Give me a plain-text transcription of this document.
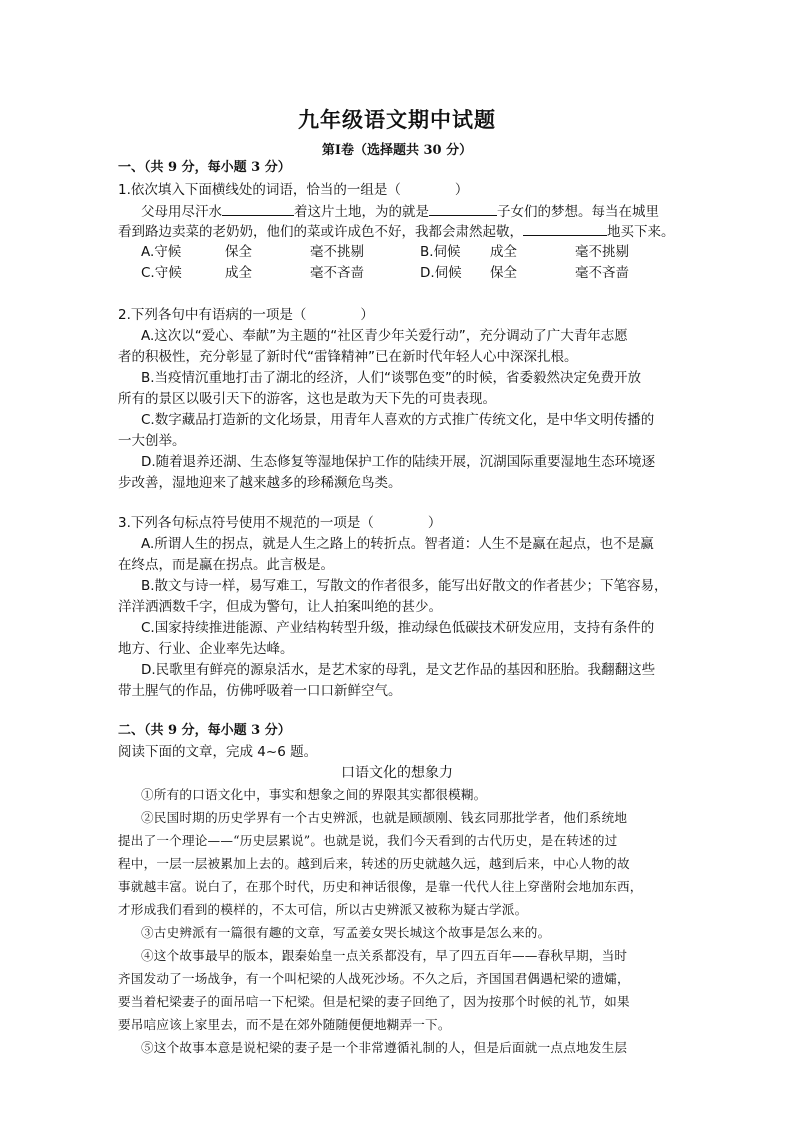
九年级语文期中试题
第Ⅰ卷（选择题共 30 分）
一、（共 9 分，每小题 3 分）
1.依次填入下面横线处的词语，恰当的一组是（　　　　）
父母用尽汗水	着这片土地，为的就是	子女们的梦想。每当在城里
看到路边卖菜的老奶奶，他们的菜或许成色不好，我都会肃然起敬，	地买下来。
A.守候	保全	毫不挑剔	B.伺候 成全	毫不挑剔
C.守候	成全	毫不吝啬	D.伺候 保全	毫不吝啬
2.下列各句中有语病的一项是（　　　　）
A.这次以“爱心、奉献”为主题的“社区青少年关爱行动”，充分调动了广大青年志愿
者的积极性，充分彰显了新时代“雷锋精神”已在新时代年轻人心中深深扎根。
B.当疫情沉重地打击了湖北的经济，人们“谈鄂色变”的时候，省委毅然决定免费开放
所有的景区以吸引天下的游客，这也是敢为天下先的可贵表现。
C.数字藏品打造新的文化场景，用青年人喜欢的方式推广传统文化，是中华文明传播的
一大创举。
D.随着退养还湖、生态修复等湿地保护工作的陆续开展，沉湖国际重要湿地生态环境逐
步改善，湿地迎来了越来越多的珍稀濒危鸟类。
3.下列各句标点符号使用不规范的一项是（　　　　）
A.所谓人生的拐点，就是人生之路上的转折点。智者道：人生不是赢在起点，也不是赢
在终点，而是赢在拐点。此言极是。
B.散文与诗一样，易写难工，写散文的作者很多，能写出好散文的作者甚少；下笔容易，
洋洋洒洒数千字，但成为警句，让人拍案叫绝的甚少。
C.国家持续推进能源、产业结构转型升级，推动绿色低碳技术研发应用，支持有条件的
地方、行业、企业率先达峰。
D.民歌里有鲜亮的源泉活水，是艺术家的母乳，是文艺作品的基因和胚胎。我翻翻这些
带土腥气的作品，仿佛呼吸着一口口新鲜空气。
二、（共 9 分，每小题 3 分）
阅读下面的文章，完成 4~6 题。
口语文化的想象力
①所有的口语文化中，事实和想象之间的界限其实都很模糊。
②民国时期的历史学界有一个古史辨派，也就是顾颉刚、钱玄同那批学者，他们系统地
提出了一个理论——“历史层累说”。也就是说，我们今天看到的古代历史，是在转述的过
程中，一层一层被累加上去的。越到后来，转述的历史就越久远，越到后来，中心人物的故
事就越丰富。说白了，在那个时代，历史和神话很像，是靠一代代人往上穿凿附会地加东西，
才形成我们看到的模样的，不太可信，所以古史辨派又被称为疑古学派。
③古史辨派有一篇很有趣的文章，写孟姜女哭长城这个故事是怎么来的。
④这个故事最早的版本，跟秦始皇一点关系都没有，早了四五百年——春秋早期，当时
齐国发动了一场战争，有一个叫杞梁的人战死沙场。不久之后，齐国国君偶遇杞梁的遗孀，
要当着杞梁妻子的面吊唁一下杞梁。但是杞梁的妻子回绝了，因为按那个时候的礼节，如果
要吊唁应该上家里去，而不是在郊外随随便便地糊弄一下。
⑤这个故事本意是说杞梁的妻子是一个非常遵循礼制的人，但是后面就一点点地发生层
